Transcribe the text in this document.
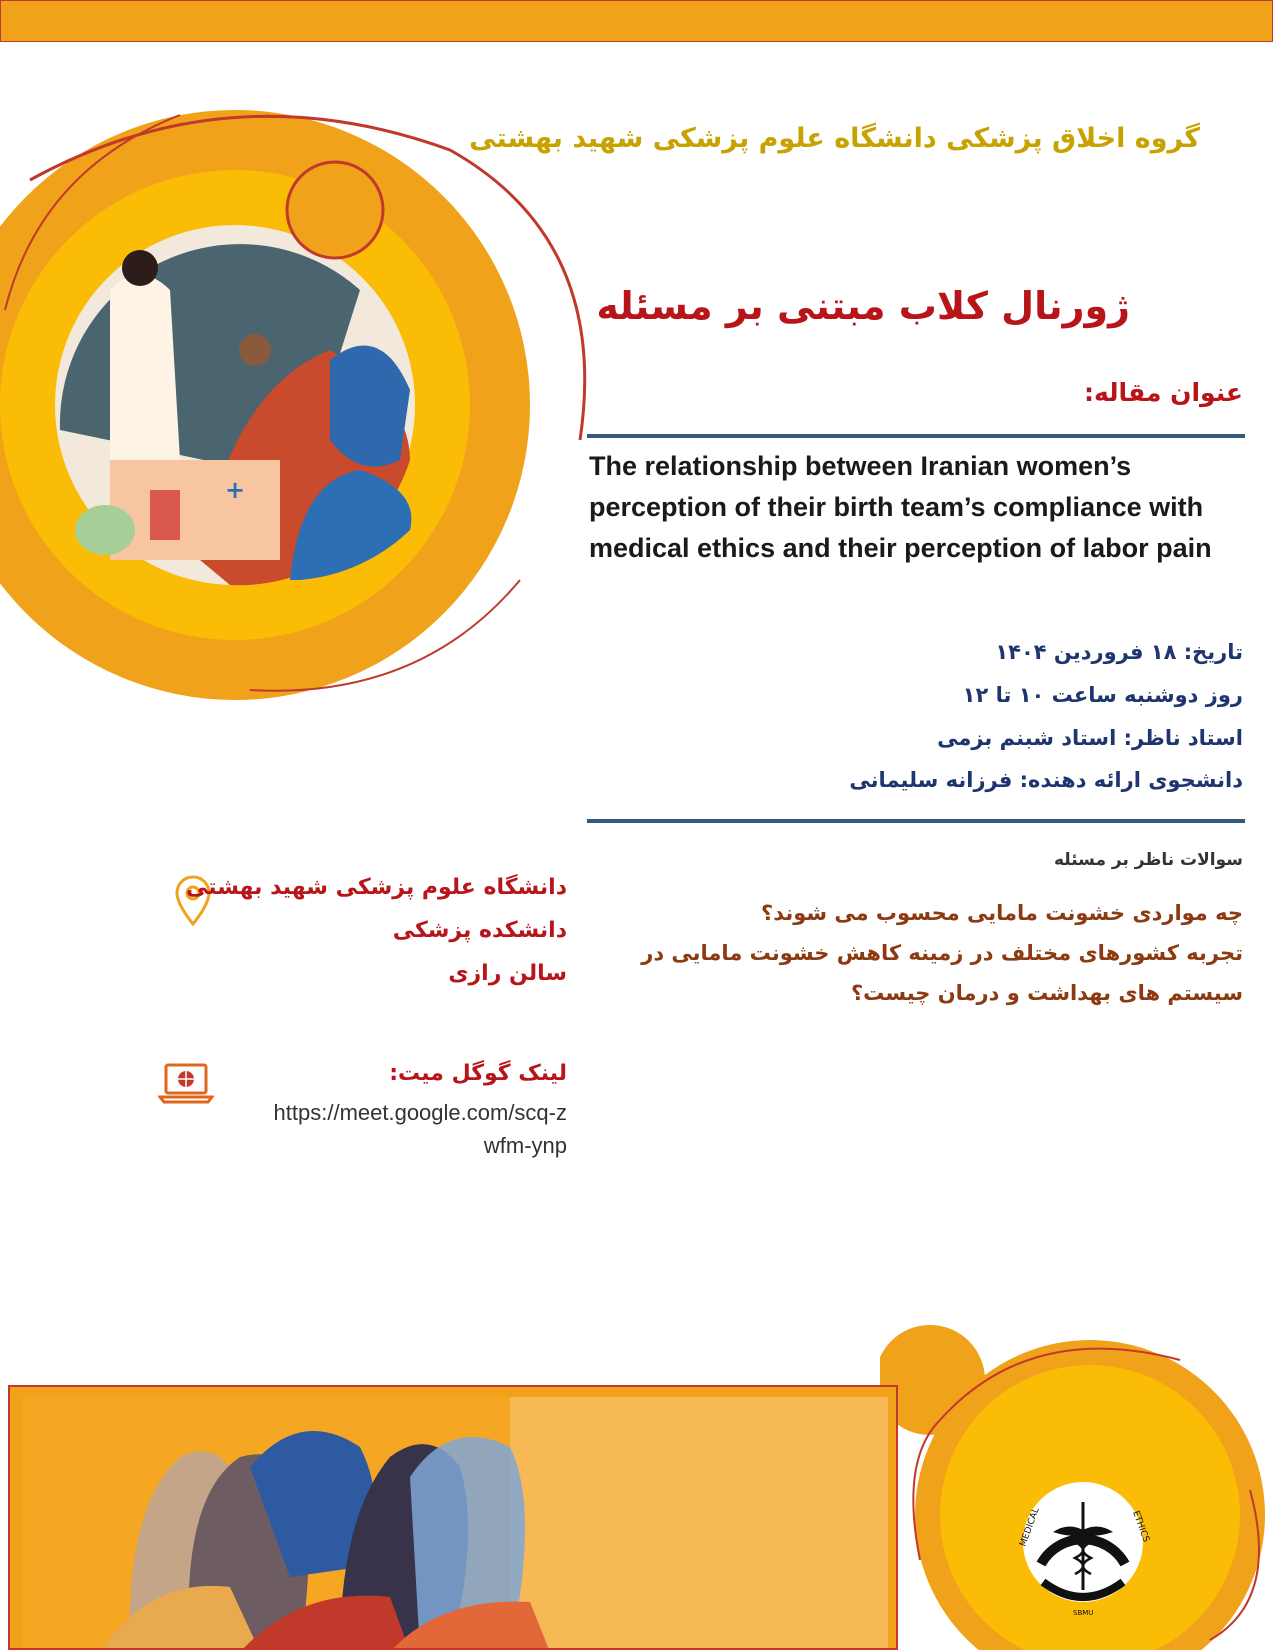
+
گروه اخلاق پزشکی دانشگاه علوم پزشکی شهید بهشتی
ژورنال کلاب مبتنی بر مسئله
عنوان مقاله:
The relationship between Iranian women’s perception of their birth team’s compliance with medical ethics and their perception of labor pain
تاریخ: ۱۸ فروردین ۱۴۰۴
روز دوشنبه ساعت ۱۰ تا ۱۲
استاد ناظر: استاد شبنم بزمی
دانشجوی ارائه دهنده: فرزانه سلیمانی
سوالات ناظر بر مسئله
چه مواردی خشونت مامایی محسوب می شوند؟
تجربه کشورهای مختلف در زمینه کاهش خشونت مامایی در سیستم های بهداشت و درمان چیست؟
دانشگاه علوم پزشکی شهید بهشتی
دانشکده پزشکی
سالن رازی
لینک گوگل میت:
https://meet.google.com/scq-zwfm-ynp
MEDICAL	ETHICS
SBMU
